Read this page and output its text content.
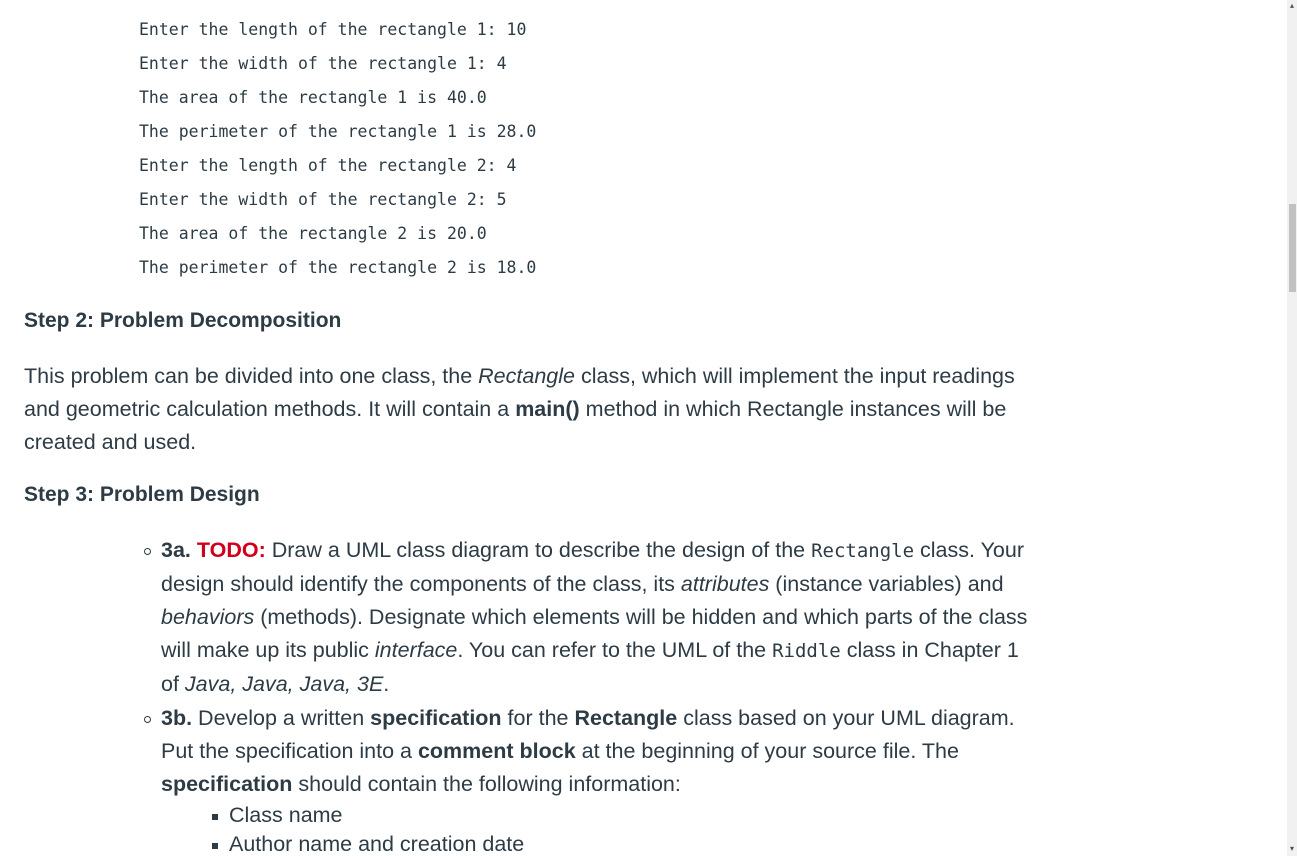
Enter the length of the rectangle 1: 10
Enter the width of the rectangle 1: 4
The area of the rectangle 1 is 40.0
The perimeter of the rectangle 1 is 28.0
Enter the length of the rectangle 2: 4
Enter the width of the rectangle 2: 5
The area of the rectangle 2 is 20.0
The perimeter of the rectangle 2 is 18.0
Step 2: Problem Decomposition

This problem can be divided into one class, the Rectangle class, which will implement the input readings and geometric calculation methods. It will contain a main() method in which Rectangle instances will be created and used.

Step 3: Problem Design
3a. TODO: Draw a UML class diagram to describe the design of the Rectangle class. Your design should identify the components of the class, its attributes (instance variables) and behaviors (methods). Designate which elements will be hidden and which parts of the class will make up its public interface. You can refer to the UML of the Riddle class in Chapter 1 of Java, Java, Java, 3E.
3b. Develop a written specification for the Rectangle class based on your UML diagram. Put the specification into a comment block at the beginning of your source file. The specification should contain the following information:
Class name
Author name and creation date
▴
▾
